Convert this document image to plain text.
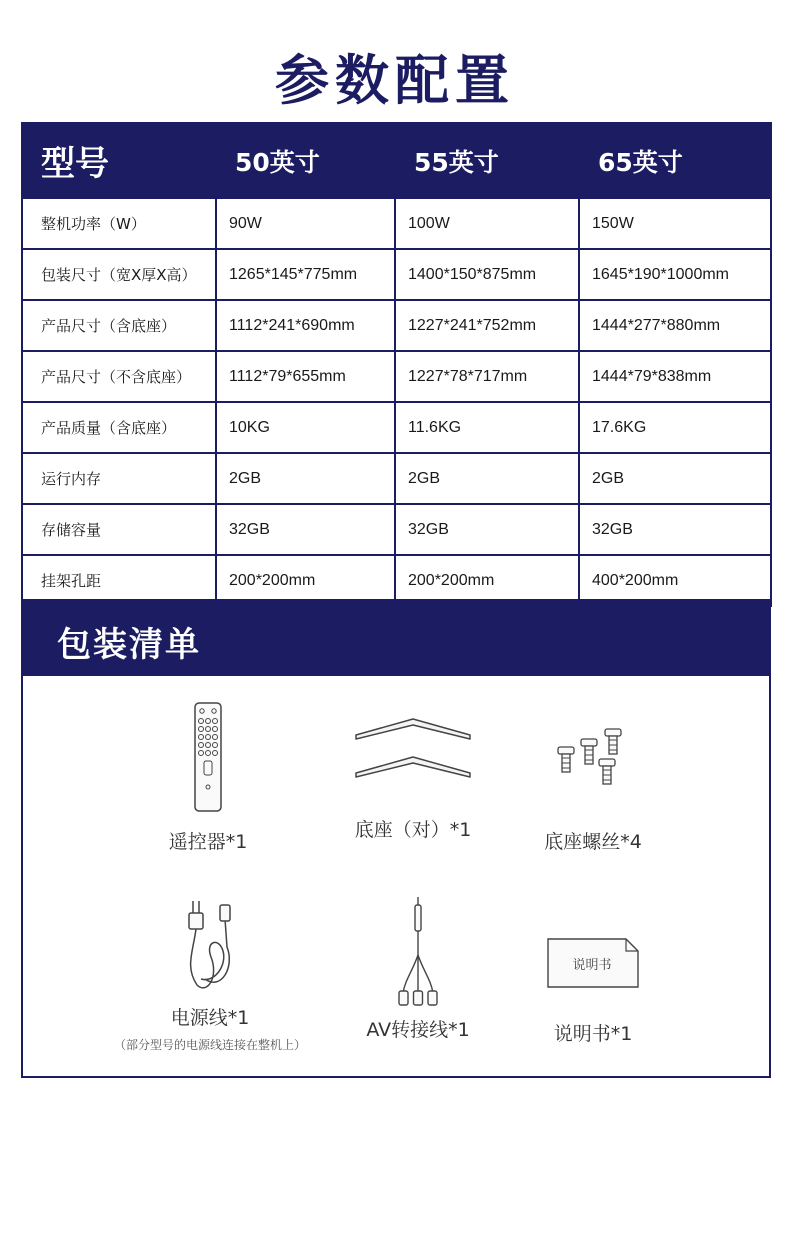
参数配置
型号	50英寸	55英寸	65英寸
整机功率（W）	90W	100W	150W
包装尺寸（宽X厚X高）	1265*145*775mm	1400*150*875mm	1645*190*1000mm
产品尺寸（含底座）	1112*241*690mm	1227*241*752mm	1444*277*880mm
产品尺寸（不含底座）	1112*79*655mm	1227*78*717mm	1444*79*838mm
产品质量（含底座）	10KG	11.6KG	17.6KG
运行内存	2GB	2GB	2GB
存储容量	32GB	32GB	32GB
挂架孔距	200*200mm	200*200mm	400*200mm
包装清单
遥控器*1
底座（对）*1
底座螺丝*4
电源线*1
（部分型号的电源线连接在整机上）
AV转接线*1
说明书
说明书*1
